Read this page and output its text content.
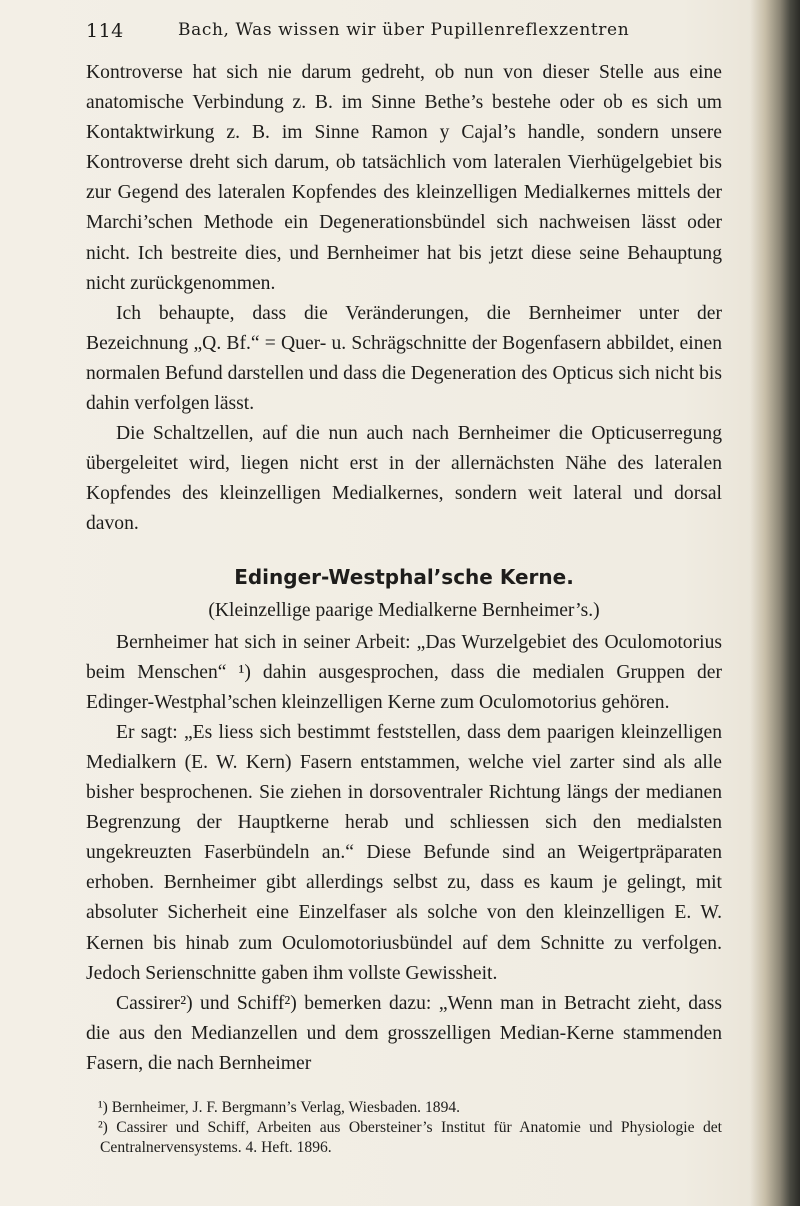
114	Bach, Was wissen wir über Pupillenreflexzentren

Kontroverse hat sich nie darum gedreht, ob nun von dieser Stelle aus eine anatomische Verbindung z. B. im Sinne Bethe’s bestehe oder ob es sich um Kontaktwirkung z. B. im Sinne Ramon y Cajal’s handle, sondern unsere Kontroverse dreht sich darum, ob tatsächlich vom lateralen Vierhügelgebiet bis zur Gegend des lateralen Kopfendes des kleinzelligen Medialkernes mittels der Marchi’schen Methode ein Degenerationsbündel sich nachweisen lässt oder nicht. Ich bestreite dies, und Bernheimer hat bis jetzt diese seine Behauptung nicht zurückgenommen.

Ich behaupte, dass die Veränderungen, die Bernheimer unter der Bezeichnung „Q. Bf.“ = Quer- u. Schrägschnitte der Bogenfasern abbildet, einen normalen Befund darstellen und dass die Degeneration des Opticus sich nicht bis dahin verfolgen lässt.

Die Schaltzellen, auf die nun auch nach Bernheimer die Opticuserregung übergeleitet wird, liegen nicht erst in der allernächsten Nähe des lateralen Kopfendes des kleinzelligen Medialkernes, sondern weit lateral und dorsal davon.

Edinger-Westphal’sche Kerne.
(Kleinzellige paarige Medialkerne Bernheimer’s.)

Bernheimer hat sich in seiner Arbeit: „Das Wurzelgebiet des Oculomotorius beim Menschen“ ¹) dahin ausgesprochen, dass die medialen Gruppen der Edinger-Westphal’schen kleinzelligen Kerne zum Oculomotorius gehören.

Er sagt: „Es liess sich bestimmt feststellen, dass dem paarigen kleinzelligen Medialkern (E. W. Kern) Fasern entstammen, welche viel zarter sind als alle bisher besprochenen. Sie ziehen in dorsoventraler Richtung längs der medianen Begrenzung der Hauptkerne herab und schliessen sich den medialsten ungekreuzten Faserbündeln an.“ Diese Befunde sind an Weigertpräparaten erhoben. Bernheimer gibt allerdings selbst zu, dass es kaum je gelingt, mit absoluter Sicherheit eine Einzelfaser als solche von den kleinzelligen E. W. Kernen bis hinab zum Oculomotoriusbündel auf dem Schnitte zu verfolgen. Jedoch Serienschnitte gaben ihm vollste Gewissheit.

Cassirer²) und Schiff²) bemerken dazu: „Wenn man in Betracht zieht, dass die aus den Medianzellen und dem grosszelligen Median-Kerne stammenden Fasern, die nach Bernheimer

¹) Bernheimer, J. F. Bergmann’s Verlag, Wiesbaden. 1894.

²) Cassirer und Schiff, Arbeiten aus Obersteiner’s Institut für Anatomie und Physiologie det Centralnervensystems. 4. Heft. 1896.
